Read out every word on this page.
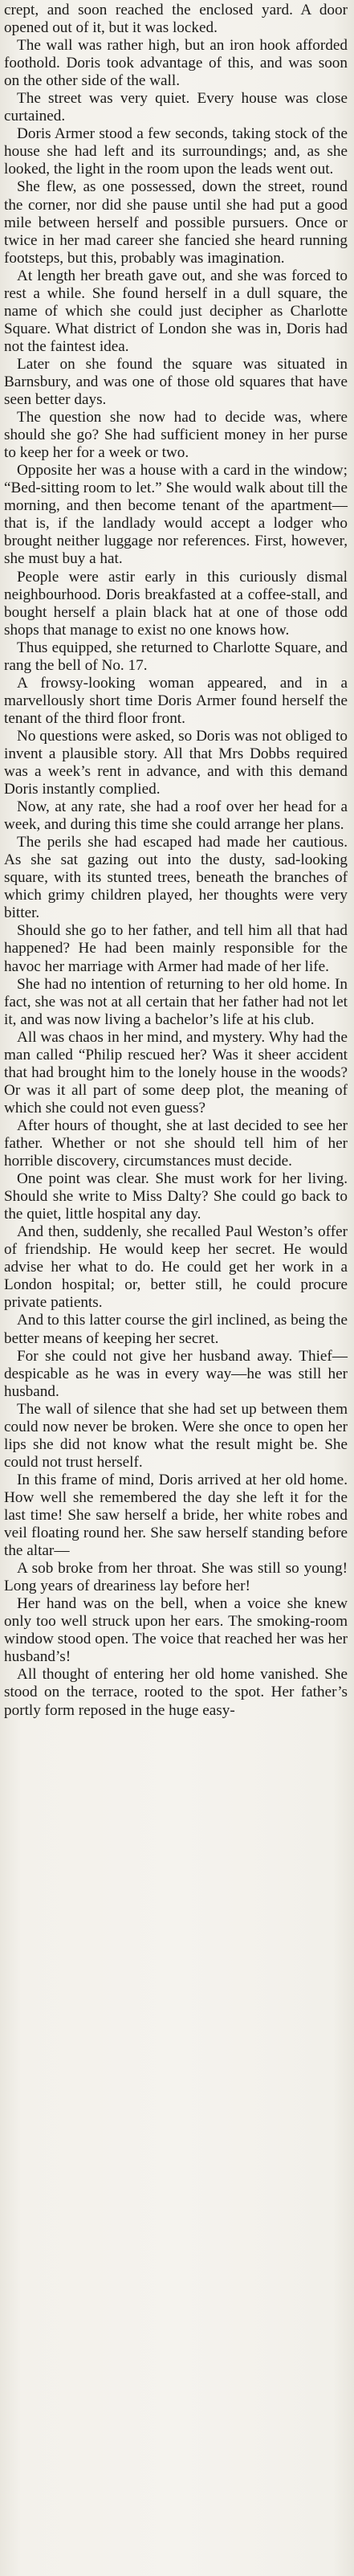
crept, and soon reached the enclosed yard. A door opened out of it, but it was locked.

The wall was rather high, but an iron hook afforded foothold. Doris took advantage of this, and was soon on the other side of the wall.

The street was very quiet. Every house was close curtained.

Doris Armer stood a few seconds, taking stock of the house she had left and its surroundings; and, as she looked, the light in the room upon the leads went out.

She flew, as one possessed, down the street, round the corner, nor did she pause until she had put a good mile between herself and possible pursuers. Once or twice in her mad career she fancied she heard running footsteps, but this, probably was imagination.

At length her breath gave out, and she was forced to rest a while. She found herself in a dull square, the name of which she could just decipher as Charlotte Square. What district of London she was in, Doris had not the faintest idea.

Later on she found the square was situated in Barnsbury, and was one of those old squares that have seen better days.

The question she now had to decide was, where should she go? She had sufficient money in her purse to keep her for a week or two.

Opposite her was a house with a card in the window; “Bed-sitting room to let.” She would walk about till the morning, and then become tenant of the apartment—that is, if the landlady would accept a lodger who brought neither luggage nor references. First, however, she must buy a hat.

People were astir early in this curiously dismal neighbourhood. Doris breakfasted at a coffee-stall, and bought herself a plain black hat at one of those odd shops that manage to exist no one knows how.

Thus equipped, she returned to Charlotte Square, and rang the bell of No. 17.

A frowsy-looking woman appeared, and in a marvellously short time Doris Armer found herself the tenant of the third floor front.

No questions were asked, so Doris was not obliged to invent a plausible story. All that Mrs Dobbs required was a week’s rent in advance, and with this demand Doris instantly complied.

Now, at any rate, she had a roof over her head for a week, and during this time she could arrange her plans.

The perils she had escaped had made her cautious. As she sat gazing out into the dusty, sad-looking square, with its stunted trees, beneath the branches of which grimy children played, her thoughts were very bitter.

Should she go to her father, and tell him all that had happened? He had been mainly responsible for the havoc her marriage with Armer had made of her life.

She had no intention of returning to her old home. In fact, she was not at all certain that her father had not let it, and was now living a bachelor’s life at his club.

All was chaos in her mind, and mystery. Why had the man called “Philip rescued her? Was it sheer accident that had brought him to the lonely house in the woods? Or was it all part of some deep plot, the meaning of which she could not even guess?

After hours of thought, she at last decided to see her father. Whether or not she should tell him of her horrible discovery, circumstances must decide.

One point was clear. She must work for her living. Should she write to Miss Dalty? She could go back to the quiet, little hospital any day.

And then, suddenly, she recalled Paul Weston’s offer of friendship. He would keep her secret. He would advise her what to do. He could get her work in a London hospital; or, better still, he could procure private patients.

And to this latter course the girl inclined, as being the better means of keeping her secret.

For she could not give her husband away. Thief—despicable as he was in every way—he was still her husband.

The wall of silence that she had set up between them could now never be broken. Were she once to open her lips she did not know what the result might be. She could not trust herself.

In this frame of mind, Doris arrived at her old home. How well she remembered the day she left it for the last time! She saw herself a bride, her white robes and veil floating round her. She saw herself standing before the altar—

A sob broke from her throat. She was still so young! Long years of dreariness lay before her!

Her hand was on the bell, when a voice she knew only too well struck upon her ears. The smoking-room window stood open. The voice that reached her was her husband’s!

All thought of entering her old home vanished. She stood on the terrace, rooted to the spot. Her father’s portly form reposed in the huge easy-
